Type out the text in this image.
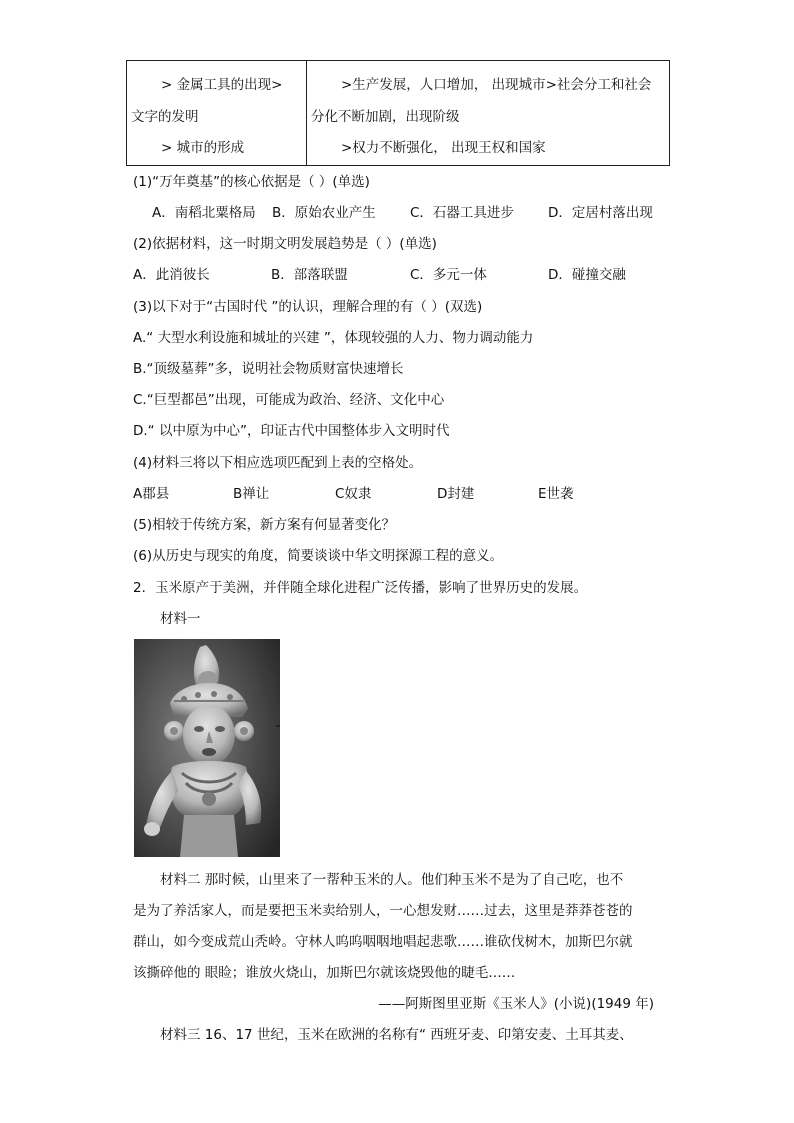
> 金属工具的出现>
文字的发明
> 城市的形成

>生产发展，人口增加， 出现城市>社会分工和社会
分化不断加剧，出现阶级
>权力不断强化， 出现王权和国家
(1)“万年奠基”的核心依据是（ ）(单选)
A．南稻北粟格局 B．原始农业产生	C．石器工具进步	D．定居村落出现
(2)依据材料，这一时期文明发展趋势是（ ）(单选)
A．此消彼长	B．部落联盟	C．多元一体	D．碰撞交融
(3)以下对于“古国时代 ”的认识，理解合理的有（ ）(双选)
A.“ 大型水利设施和城址的兴建 ”，体现较强的人力、物力调动能力
B.“顶级墓葬”多，说明社会物质财富快速增长
C.“巨型都邑”出现，可能成为政治、经济、文化中心
D.“ 以中原为中心”，印证古代中国整体步入文明时代
(4)材料三将以下相应选项匹配到上表的空格处。
A郡县	B禅让	C奴隶	D封建	E世袭
(5)相较于传统方案，新方案有何显著变化？
(6)从历史与现实的角度，简要谈谈中华文明探源工程的意义。
2．玉米原产于美洲，并伴随全球化进程广泛传播，影响了世界历史的发展。
材料一
材料二 那时候，山里来了一帮种玉米的人。他们种玉米不是为了自己吃，也不
是为了养活家人，而是要把玉米卖给别人，一心想发财……过去，这里是莽莽苍苍的
群山，如今变成荒山秃岭。守林人呜呜咽咽地唱起悲歌……谁砍伐树木，加斯巴尔就
该撕碎他的 眼睑；谁放火烧山，加斯巴尔就该烧毁他的睫毛……
——阿斯图里亚斯《玉米人》(小说)(1949 年)
材料三 16、17 世纪，玉米在欧洲的名称有“ 西班牙麦、印第安麦、土耳其麦、
